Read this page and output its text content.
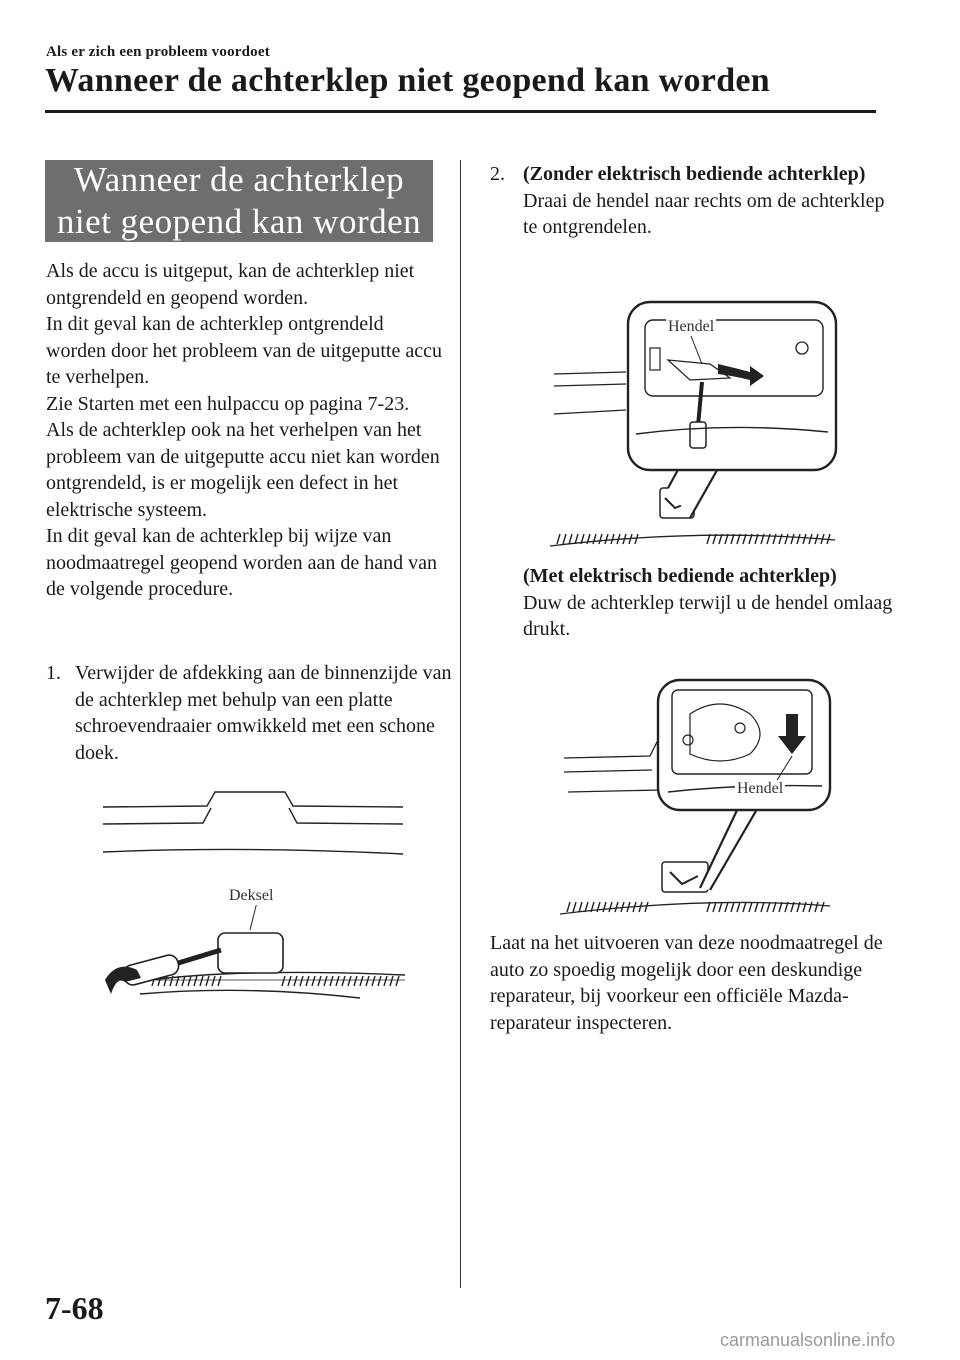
Als er zich een probleem voordoet
Wanneer de achterklep niet geopend kan worden
Wanneer de achterklep
niet geopend kan worden

Als de accu is uitgeput, kan de achterklep niet ontgrendeld en geopend worden.

In dit geval kan de achterklep ontgrendeld worden door het probleem van de uitgeputte accu te verhelpen.

Zie Starten met een hulpaccu op pagina 7-23.

Als de achterklep ook na het verhelpen van het probleem van de uitgeputte accu niet kan worden ontgrendeld, is er mogelijk een defect in het elektrische systeem.

In dit geval kan de achterklep bij wijze van noodmaatregel geopend worden aan de hand van de volgende procedure.

1. Verwijder de afdekking aan de binnenzijde van de achterklep met behulp van een platte schroevendraaier omwikkeld met een schone doek.
Deksel
2. (Zonder elektrisch bediende achterklep)
Draai de hendel naar rechts om de achterklep te ontgrendelen.
Hendel
(Met elektrisch bediende achterklep)
Duw de achterklep terwijl u de hendel omlaag drukt.
Hendel

Laat na het uitvoeren van deze noodmaatregel de auto zo spoedig mogelijk door een deskundige reparateur, bij voorkeur een officiële Mazda-reparateur inspecteren.

7-68
carmanualsonline.info
